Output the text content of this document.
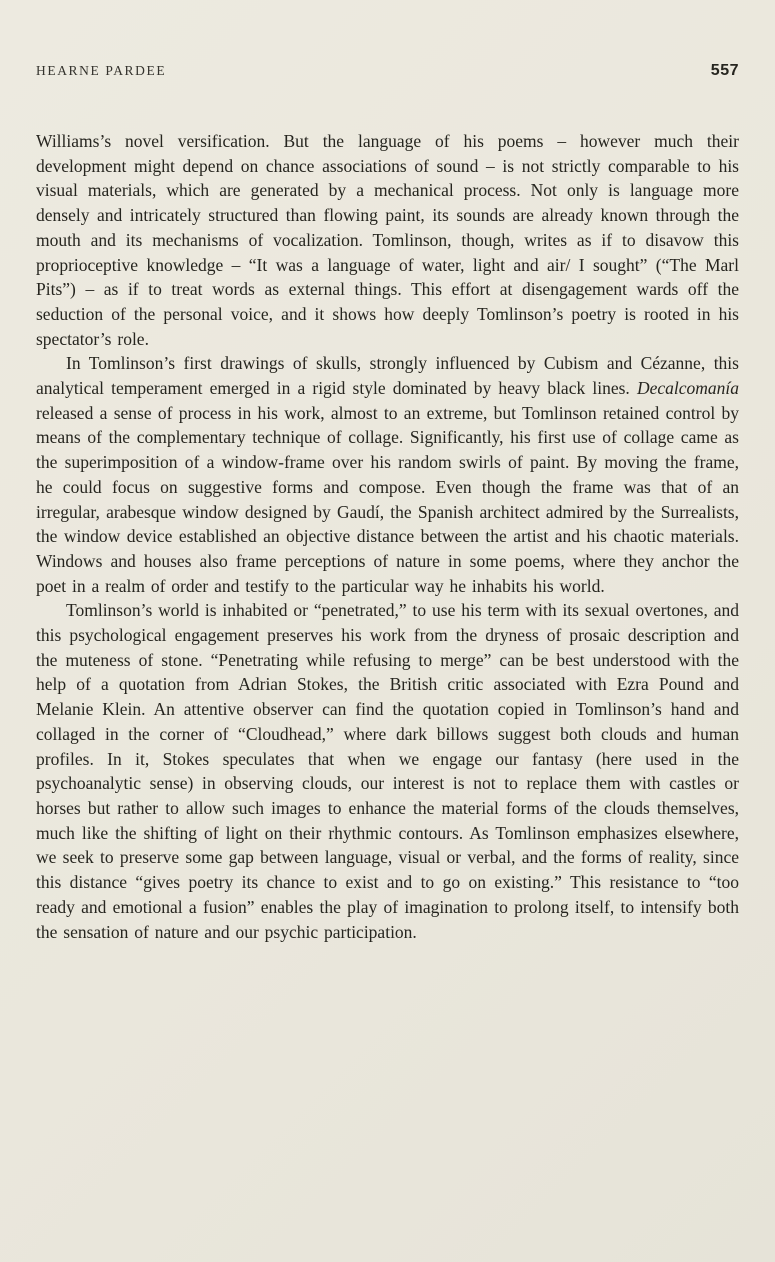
HEARNE PARDEE	557

Williams’s novel versification. But the language of his poems – however much their development might depend on chance associations of sound – is not strictly comparable to his visual materials, which are generated by a mechanical process. Not only is language more densely and intricately structured than flowing paint, its sounds are already known through the mouth and its mechanisms of vocalization. Tomlinson, though, writes as if to disavow this proprioceptive knowledge – “It was a language of water, light and air/ I sought” (“The Marl Pits”) – as if to treat words as external things. This effort at disengagement wards off the seduction of the personal voice, and it shows how deeply Tomlinson’s poetry is rooted in his spectator’s role.

In Tomlinson’s first drawings of skulls, strongly influenced by Cubism and Cézanne, this analytical temperament emerged in a rigid style dominated by heavy black lines. Decalcomanía released a sense of process in his work, almost to an extreme, but Tomlinson retained control by means of the complementary technique of collage. Significantly, his first use of collage came as the superimposition of a window-frame over his random swirls of paint. By moving the frame, he could focus on suggestive forms and compose. Even though the frame was that of an irregular, arabesque window designed by Gaudí, the Spanish architect admired by the Surrealists, the window device established an objective distance between the artist and his chaotic materials. Windows and houses also frame perceptions of nature in some poems, where they anchor the poet in a realm of order and testify to the particular way he inhabits his world.

Tomlinson’s world is inhabited or “penetrated,” to use his term with its sexual overtones, and this psychological engagement preserves his work from the dryness of prosaic description and the muteness of stone. “Penetrating while refusing to merge” can be best understood with the help of a quotation from Adrian Stokes, the British critic associated with Ezra Pound and Melanie Klein. An attentive observer can find the quotation copied in Tomlinson’s hand and collaged in the corner of “Cloudhead,” where dark billows suggest both clouds and human profiles. In it, Stokes speculates that when we engage our fantasy (here used in the psychoanalytic sense) in observing clouds, our interest is not to replace them with castles or horses but rather to allow such images to enhance the material forms of the clouds themselves, much like the shifting of light on their rhythmic contours. As Tomlinson emphasizes elsewhere, we seek to preserve some gap between language, visual or verbal, and the forms of reality, since this distance “gives poetry its chance to exist and to go on existing.” This resistance to “too ready and emotional a fusion” enables the play of imagination to prolong itself, to intensify both the sensation of nature and our psychic participation.
